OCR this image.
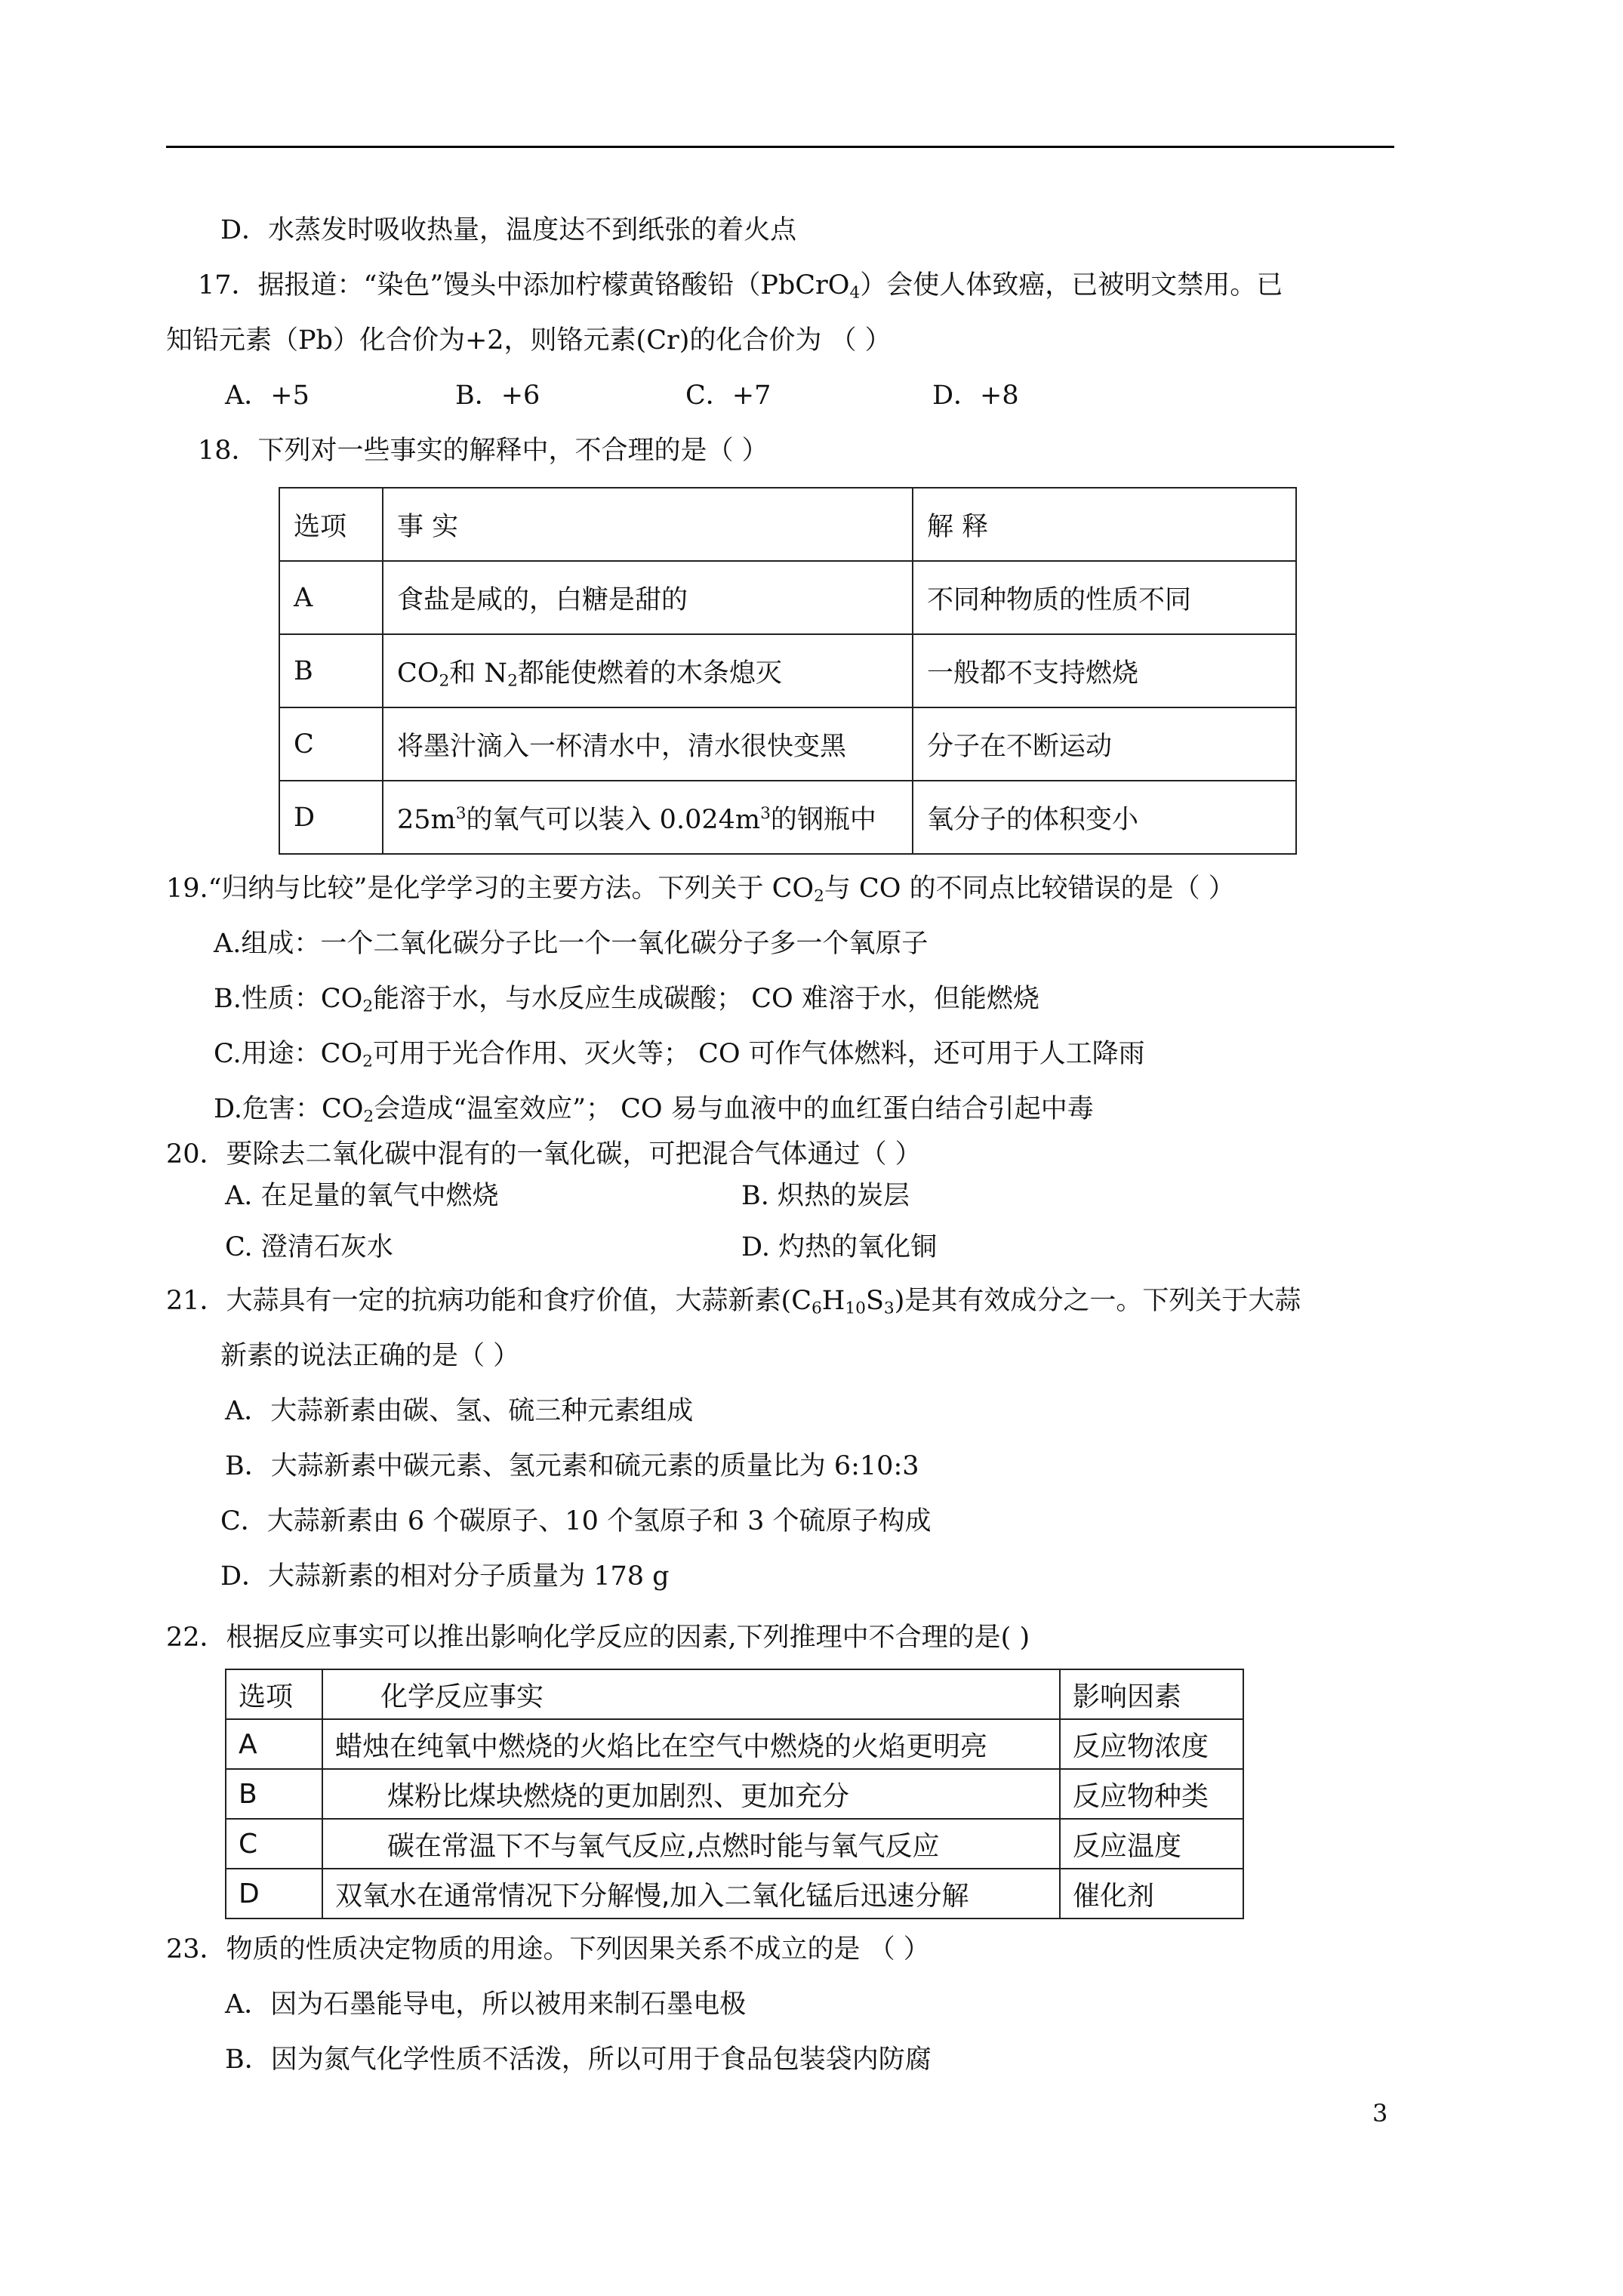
D．水蒸发时吸收热量，温度达不到纸张的着火点
17．据报道：“染色”馒头中添加柠檬黄铬酸铅（PbCrO$_4$）会使人体致癌，已被明文禁用。已
知铅元素（Pb）化合价为+2，则铬元素(Cr)的化合价为 （ ）
A．+5	B．+6	C．+7	D．+8
18．下列对一些事实的解释中，不合理的是（ ）
选项	事 实	解 释
A	食盐是咸的，白糖是甜的	不同种物质的性质不同
B	$CO_2$和 $N_2$都能使燃着的木条熄灭	一般都不支持燃烧
C	将墨汁滴入一杯清水中，清水很快变黑	分子在不断运动
D	$25m^3$的氧气可以装入 $0.024m^3$的钢瓶中	氧分子的体积变小
19.“归纳与比较”是化学学习的主要方法。下列关于 $CO_2$与 CO 的不同点比较错误的是（ ）
A.组成：一个二氧化碳分子比一个一氧化碳分子多一个氧原子
B.性质：$CO_2$能溶于水，与水反应生成碳酸； CO 难溶于水，但能燃烧
C.用途：$CO_2$可用于光合作用、灭火等； CO 可作气体燃料，还可用于人工降雨
D.危害：$CO_2$会造成“温室效应”； CO 易与血液中的血红蛋白结合引起中毒
20．要除去二氧化碳中混有的一氧化碳，可把混合气体通过（ ）
A. 在足量的氧气中燃烧	B. 炽热的炭层
C. 澄清石灰水	D. 灼热的氧化铜
21．大蒜具有一定的抗病功能和食疗价值，大蒜新素$(C_6H_{10}S_3)$是其有效成分之一。下列关于大蒜
新素的说法正确的是（ ）
A．大蒜新素由碳、氢、硫三种元素组成
B．大蒜新素中碳元素、氢元素和硫元素的质量比为 6:10:3
C．大蒜新素由 6 个碳原子、10 个氢原子和 3 个硫原子构成
D．大蒜新素的相对分子质量为 178 g
22．根据反应事实可以推出影响化学反应的因素,下列推理中不合理的是( )
选项	化学反应事实	影响因素
A	蜡烛在纯氧中燃烧的火焰比在空气中燃烧的火焰更明亮	反应物浓度
B	煤粉比煤块燃烧的更加剧烈、更加充分	反应物种类
C	碳在常温下不与氧气反应,点燃时能与氧气反应	反应温度
D	双氧水在通常情况下分解慢,加入二氧化锰后迅速分解	催化剂
23．物质的性质决定物质的用途。下列因果关系不成立的是 （ ）
A．因为石墨能导电，所以被用来制石墨电极
B．因为氮气化学性质不活泼，所以可用于食品包装袋内防腐
3
